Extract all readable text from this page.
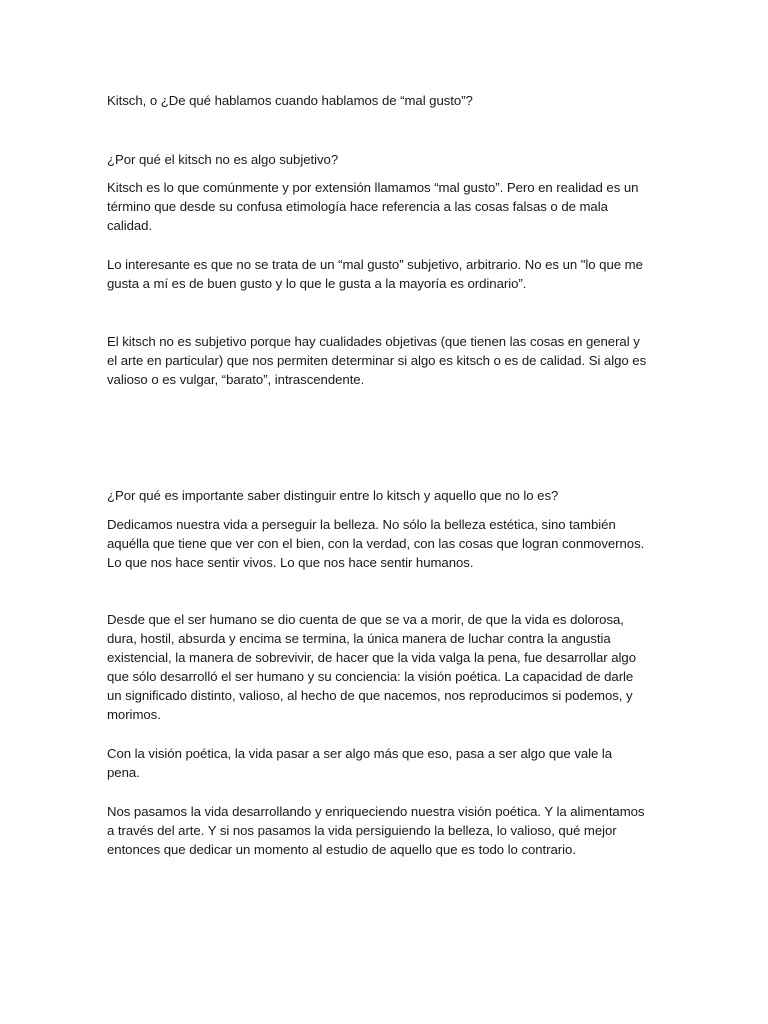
Kitsch, o ¿De qué hablamos cuando hablamos de “mal gusto”?

¿Por qué el kitsch no es algo subjetivo?

Kitsch es lo que comúnmente y por extensión llamamos “mal gusto”. Pero en realidad es un término que desde su confusa etimología hace referencia a las cosas falsas o de mala calidad.

Lo interesante es que no se trata de un “mal gusto” subjetivo, arbitrario. No es un "lo que me gusta a mí es de buen gusto y lo que le gusta a la mayoría es ordinario”.

El kitsch no es subjetivo porque hay cualidades objetivas (que tienen las cosas en general y el arte en particular) que nos permiten determinar si algo es kitsch o es de calidad. Si algo es valioso o es vulgar, “barato”, intrascendente.

¿Por qué es importante saber distinguir entre lo kitsch y aquello que no lo es?

Dedicamos nuestra vida a perseguir la belleza. No sólo la belleza estética, sino también aquélla que tiene que ver con el bien, con la verdad, con las cosas que logran conmovernos. Lo que nos hace sentir vivos. Lo que nos hace sentir humanos.

Desde que el ser humano se dio cuenta de que se va a morir, de que la vida es dolorosa, dura, hostil, absurda y encima se termina, la única manera de luchar contra la angustia existencial, la manera de sobrevivir, de hacer que la vida valga la pena, fue desarrollar algo que sólo desarrolló el ser humano y su conciencia: la visión poética. La capacidad de darle un significado distinto, valioso, al hecho de que nacemos, nos reproducimos si podemos, y morimos.

Con la visión poética, la vida pasar a ser algo más que eso, pasa a ser algo que vale la pena.

Nos pasamos la vida desarrollando y enriqueciendo nuestra visión poética. Y la alimentamos a través del arte. Y si nos pasamos la vida persiguiendo la belleza, lo valioso, qué mejor entonces que dedicar un momento al estudio de aquello que es todo lo contrario.
